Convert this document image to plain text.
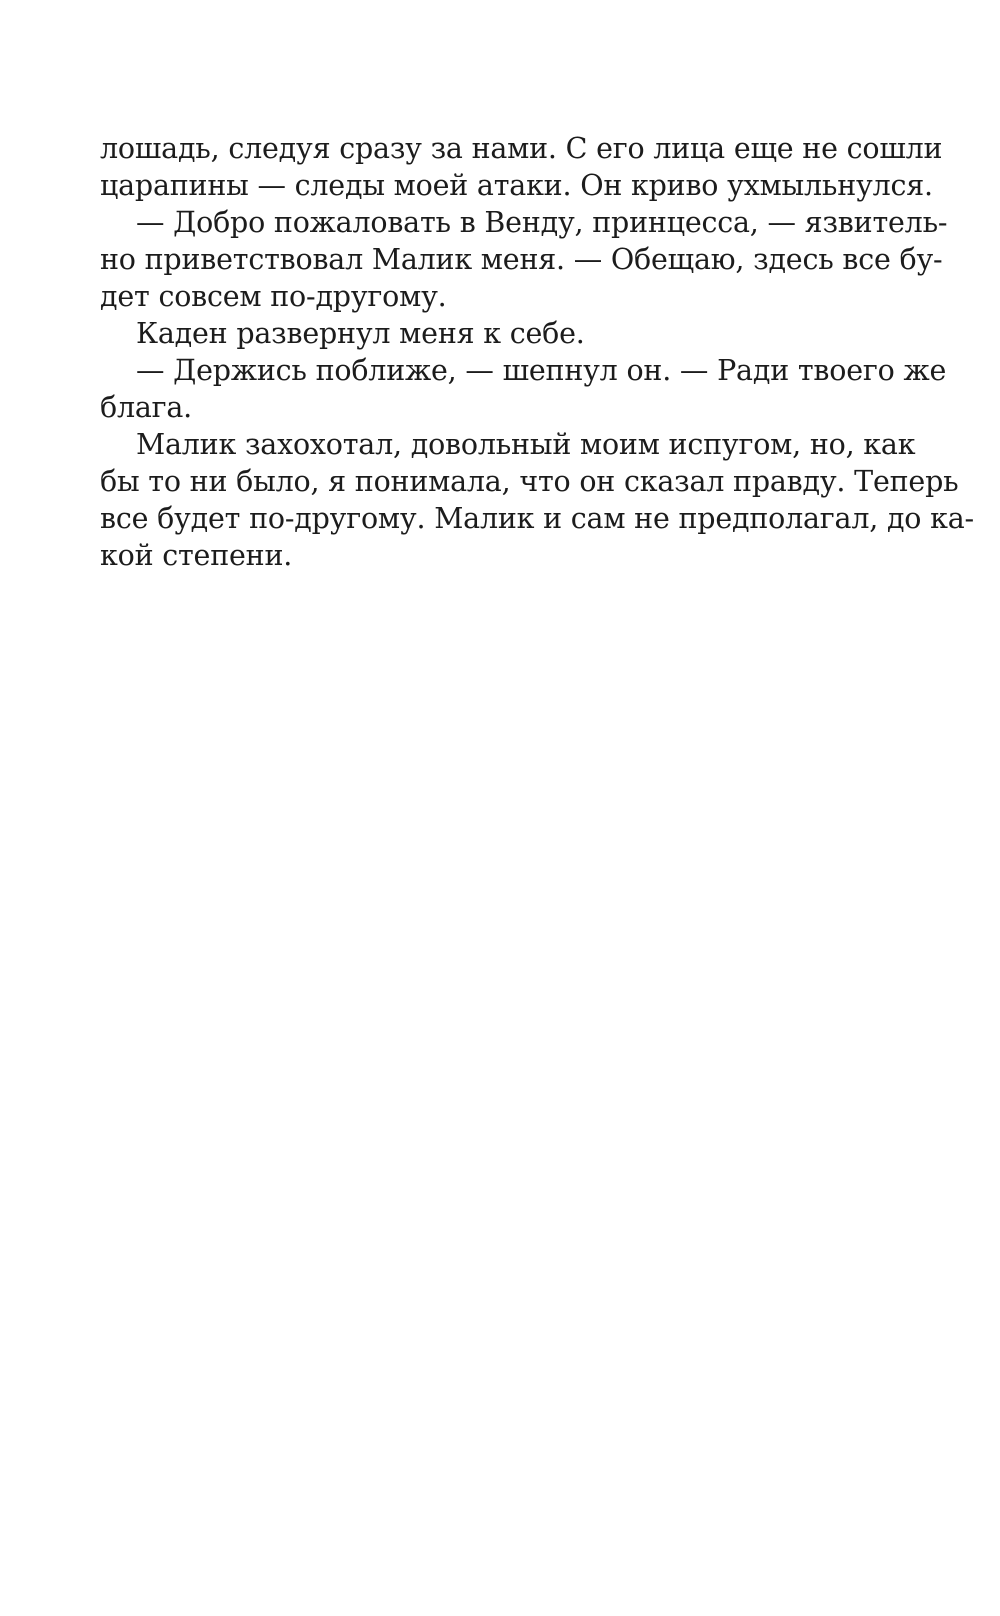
лошадь, следуя сразу за нами. С его лица еще не сошли
царапины — следы моей атаки. Он криво ухмыльнулся.
— Добро пожаловать в Венду, принцесса, — язвитель-
но приветствовал Малик меня. — Обещаю, здесь все бу-
дет совсем по-другому.
Каден развернул меня к себе.
— Держись поближе, — шепнул он. — Ради твоего же
блага.
Малик захохотал, довольный моим испугом, но, как
бы то ни было, я понимала, что он сказал правду. Теперь
все будет по-другому. Малик и сам не предполагал, до ка-
кой степени.
